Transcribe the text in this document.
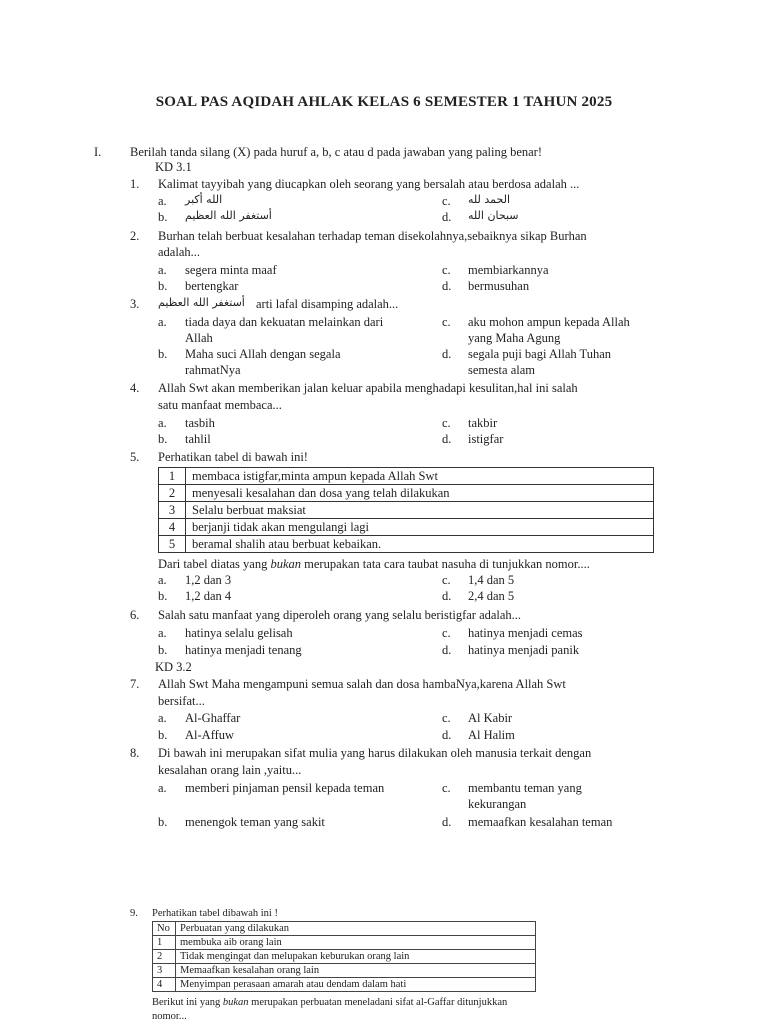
SOAL PAS AQIDAH AHLAK KELAS 6 SEMESTER 1 TAHUN 2025
I. Berilah tanda silang (X) pada huruf a, b, c atau d pada jawaban yang paling benar!
KD 3.1
1. Kalimat tayyibah yang diucapkan oleh seorang yang bersalah atau berdosa adalah ...
a. الله أكبر
b. أستغفر الله العظيم
c. الحمد لله
d. سبحان الله
2. Burhan telah berbuat kesalahan terhadap teman disekolahnya,sebaiknya sikap Burhan
adalah...
a. segera minta maaf
b. bertengkar
c. membiarkannya
d. bermusuhan
3. أستغفر الله العظيم arti lafal disamping adalah...
a. tiada daya dan kekuatan melainkan dari
Allah
b. Maha suci Allah dengan segala
rahmatNya
c. aku mohon ampun kepada Allah
yang Maha Agung
d. segala puji bagi Allah Tuhan
semesta alam
4. Allah Swt akan memberikan jalan keluar apabila menghadapi kesulitan,hal ini salah
satu manfaat membaca...
a. tasbih
b. tahlil
c. takbir
d. istigfar
5. Perhatikan tabel di bawah ini!
1	membaca istigfar,minta ampun kepada Allah Swt
2	menyesali kesalahan dan dosa yang telah dilakukan
3	Selalu berbuat maksiat
4	berjanji tidak akan mengulangi lagi
5	beramal shalih atau berbuat kebaikan.
Dari tabel diatas yang bukan merupakan tata cara taubat nasuha di tunjukkan nomor....
a. 1,2 dan 3
b. 1,2 dan 4
c. 1,4 dan 5
d. 2,4 dan 5
6. Salah satu manfaat yang diperoleh orang yang selalu beristigfar adalah...
a. hatinya selalu gelisah
b. hatinya menjadi tenang
c. hatinya menjadi cemas
d. hatinya menjadi panik
KD 3.2
7. Allah Swt Maha mengampuni semua salah dan dosa hambaNya,karena Allah Swt
bersifat...
a. Al-Ghaffar
b. Al-Affuw
c. Al Kabir
d. Al Halim
8. Di bawah ini merupakan sifat mulia yang harus dilakukan oleh manusia terkait dengan
kesalahan orang lain ,yaitu...
a. memberi pinjaman pensil kepada teman
b. menengok teman yang sakit
c. membantu teman yang
kekurangan
d. memaafkan kesalahan teman
9. Perhatikan tabel dibawah ini !
No	Perbuatan yang dilakukan
1	membuka aib orang lain
2	Tidak mengingat dan melupakan keburukan orang lain
3	Memaafkan kesalahan orang lain
4	Menyimpan perasaan amarah atau dendam dalam hati
Berikut ini yang bukan merupakan perbuatan meneladani sifat al-Gaffar ditunjukkan
nomor...
